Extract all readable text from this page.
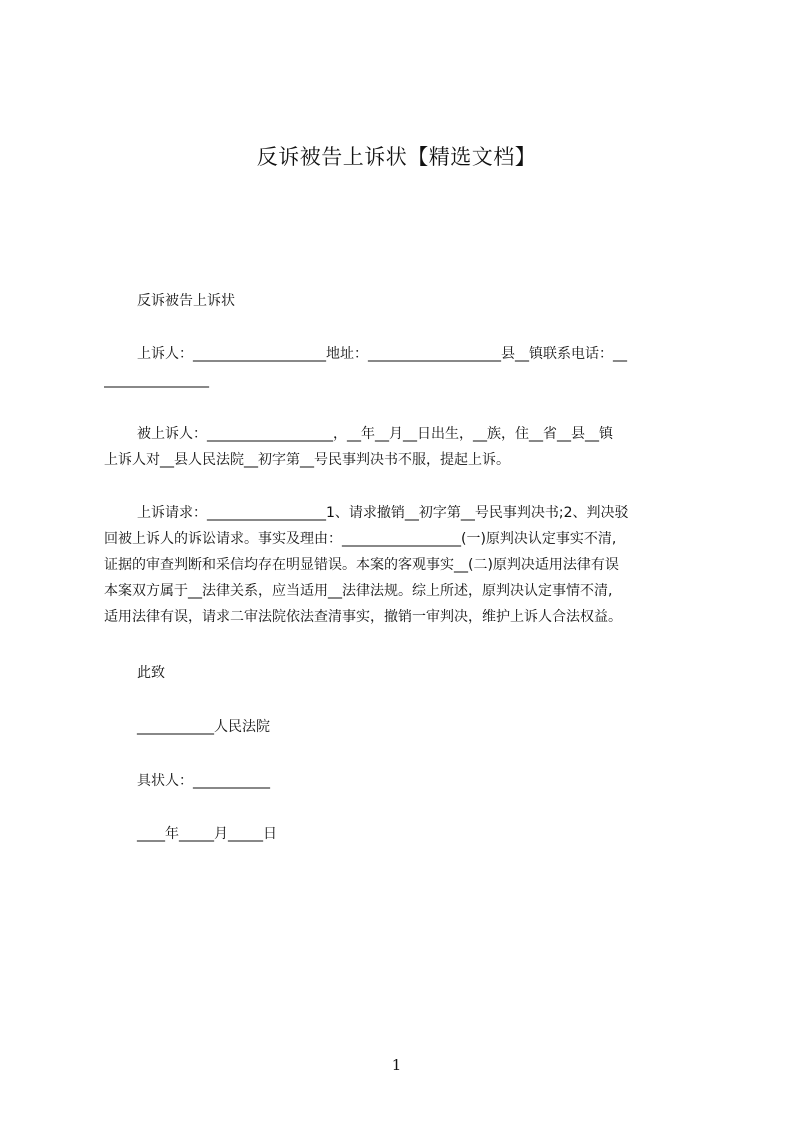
反诉被告上诉状【精选文档】
反诉被告上诉状
上诉人：___________________地址：___________________县__镇联系电话：__
_______________
被上诉人：__________________，__年__月__日出生，__族，住__省__县__镇
上诉人对__县人民法院__初字第__号民事判决书不服，提起上诉。
上诉请求：_________________1、请求撤销__初字第__号民事判决书;2、判决驳
回被上诉人的诉讼请求。事实及理由：_________________(一)原判决认定事实不清,
证据的审查判断和采信均存在明显错误。本案的客观事实__(二)原判决适用法律有误
本案双方属于__法律关系，应当适用__法律法规。综上所述，原判决认定事情不清,
适用法律有误，请求二审法院依法查清事实，撤销一审判决，维护上诉人合法权益。
此致
___________人民法院
具状人：___________
____年_____月_____日
1
